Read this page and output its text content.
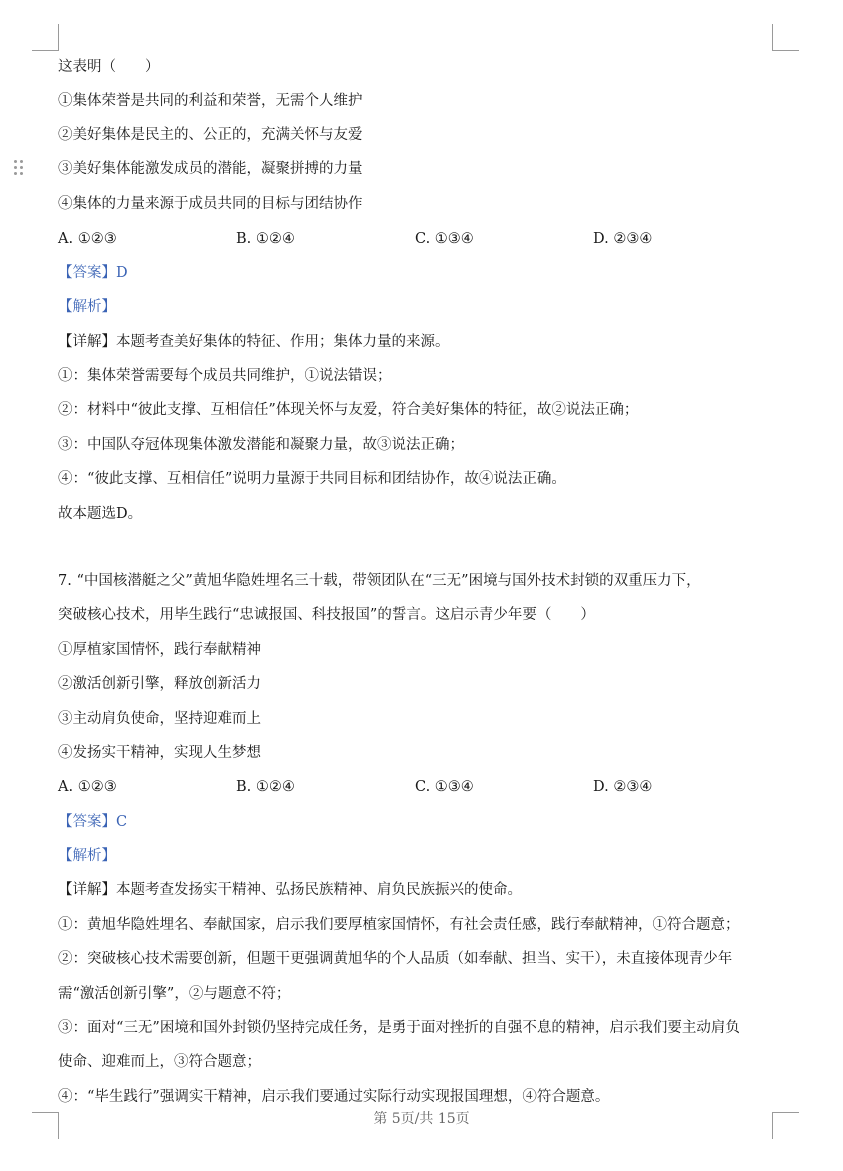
这表明（　　）
①集体荣誉是共同的利益和荣誉，无需个人维护
②美好集体是民主的、公正的，充满关怀与友爱
③美好集体能激发成员的潜能，凝聚拼搏的力量
④集体的力量来源于成员共同的目标与团结协作
A. ①②③	B. ①②④	C. ①③④	D. ②③④
【答案】D
【解析】
【详解】本题考查美好集体的特征、作用；集体力量的来源。
①：集体荣誉需要每个成员共同维护，①说法错误；
②：材料中“彼此支撑、互相信任”体现关怀与友爱，符合美好集体的特征，故②说法正确；
③：中国队夺冠体现集体激发潜能和凝聚力量，故③说法正确；
④：“彼此支撑、互相信任”说明力量源于共同目标和团结协作，故④说法正确。
故本题选D。
7. “中国核潜艇之父”黄旭华隐姓埋名三十载，带领团队在“三无”困境与国外技术封锁的双重压力下，
突破核心技术，用毕生践行“忠诚报国、科技报国”的誓言。这启示青少年要（　　）
①厚植家国情怀，践行奉献精神
②激活创新引擎，释放创新活力
③主动肩负使命，坚持迎难而上
④发扬实干精神，实现人生梦想
A. ①②③	B. ①②④	C. ①③④	D. ②③④
【答案】C
【解析】
【详解】本题考查发扬实干精神、弘扬民族精神、肩负民族振兴的使命。
①：黄旭华隐姓埋名、奉献国家，启示我们要厚植家国情怀，有社会责任感，践行奉献精神，①符合题意；
②：突破核心技术需要创新，但题干更强调黄旭华的个人品质（如奉献、担当、实干），未直接体现青少年
需“激活创新引擎”，②与题意不符；
③：面对“三无”困境和国外封锁仍坚持完成任务，是勇于面对挫折的自强不息的精神，启示我们要主动肩负
使命、迎难而上，③符合题意；
④：“毕生践行”强调实干精神，启示我们要通过实际行动实现报国理想，④符合题意。
第 5页/共 15页
